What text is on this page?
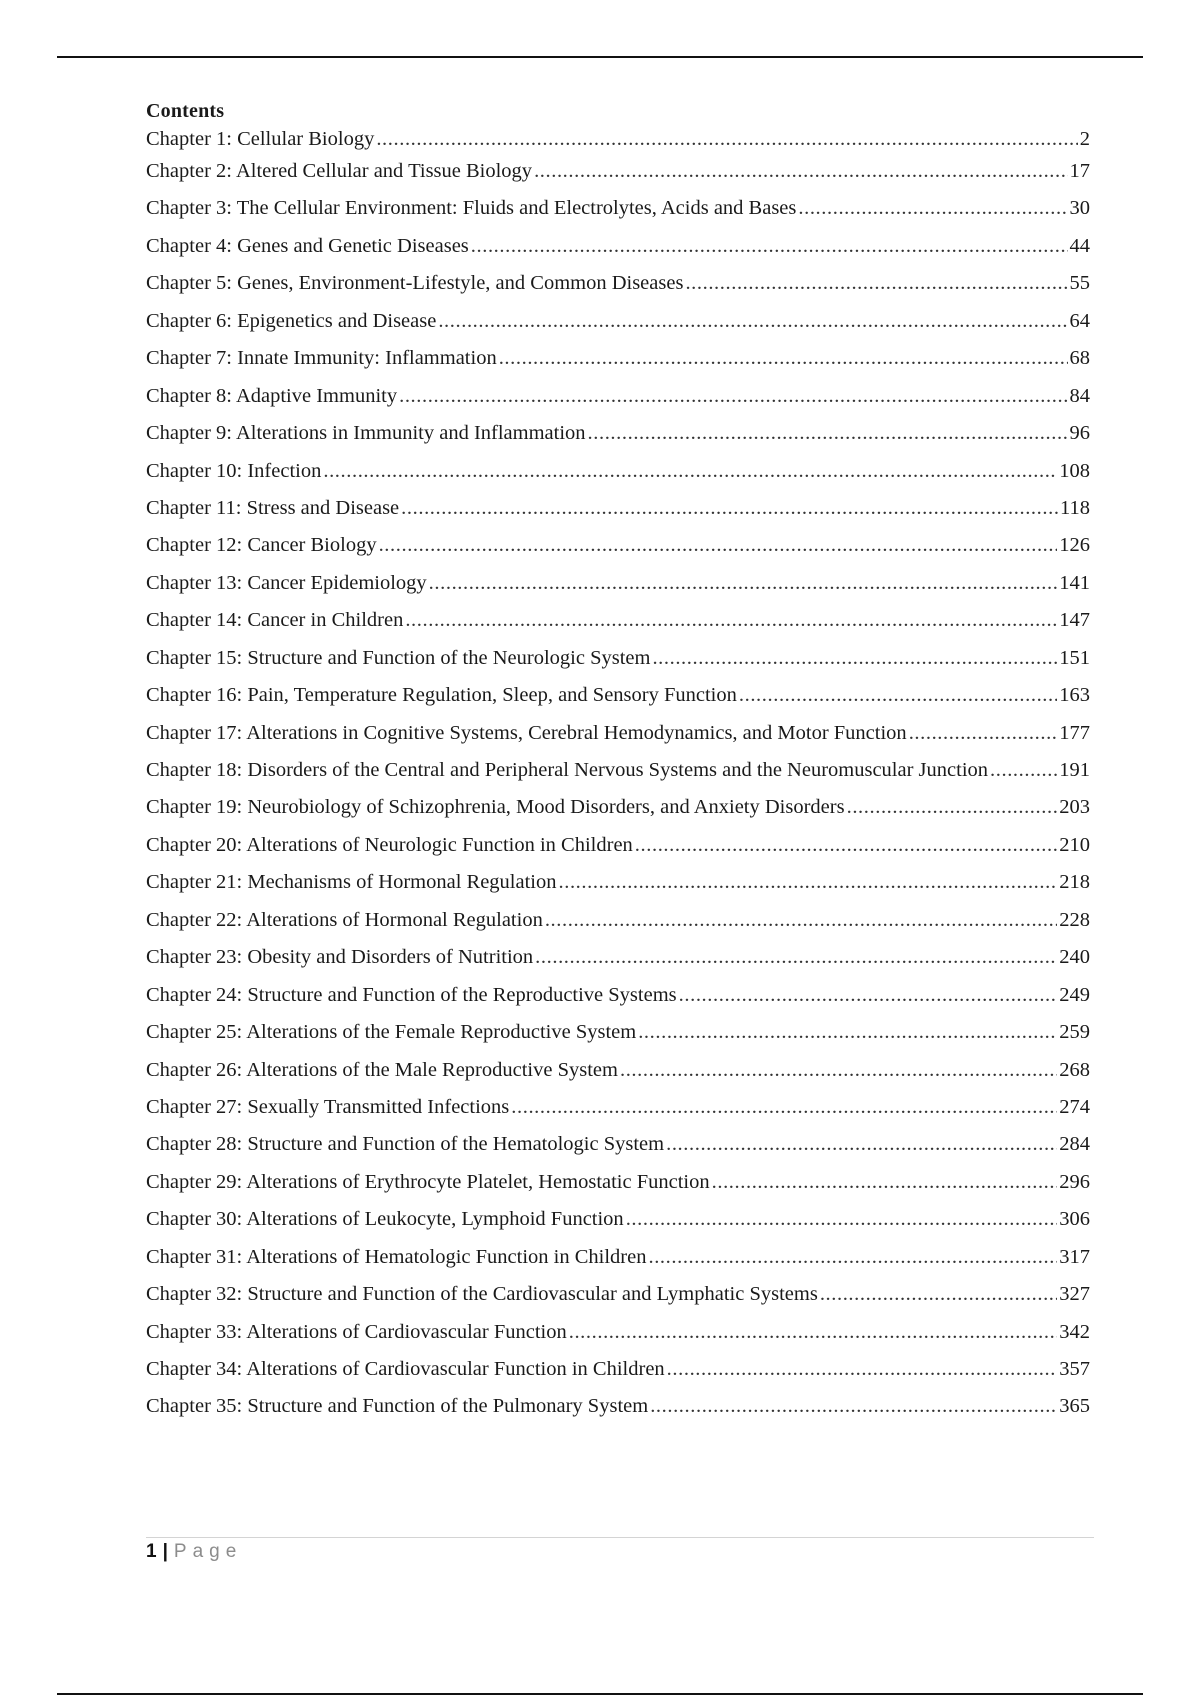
Contents
Chapter 1: Cellular Biology .....	2
Chapter 2: Altered Cellular and Tissue Biology .....	17
Chapter 3: The Cellular Environment: Fluids and Electrolytes, Acids and Bases .....	30
Chapter 4: Genes and Genetic Diseases .....	44
Chapter 5: Genes, Environment-Lifestyle, and Common Diseases .....	55
Chapter 6: Epigenetics and Disease .....	64
Chapter 7: Innate Immunity: Inflammation .....	68
Chapter 8: Adaptive Immunity .....	84
Chapter 9: Alterations in Immunity and Inflammation .....	96
Chapter 10: Infection .....	108
Chapter 11: Stress and Disease .....	118
Chapter 12: Cancer Biology .....	126
Chapter 13: Cancer Epidemiology .....	141
Chapter 14: Cancer in Children .....	147
Chapter 15: Structure and Function of the Neurologic System .....	151
Chapter 16: Pain, Temperature Regulation, Sleep, and Sensory Function .....	163
Chapter 17: Alterations in Cognitive Systems, Cerebral Hemodynamics, and Motor Function .....	177
Chapter 18: Disorders of the Central and Peripheral Nervous Systems and the Neuromuscular Junction .....	191
Chapter 19: Neurobiology of Schizophrenia, Mood Disorders, and Anxiety Disorders .....	203
Chapter 20: Alterations of Neurologic Function in Children .....	210
Chapter 21: Mechanisms of Hormonal Regulation .....	218
Chapter 22: Alterations of Hormonal Regulation .....	228
Chapter 23: Obesity and Disorders of Nutrition .....	240
Chapter 24: Structure and Function of the Reproductive Systems .....	249
Chapter 25: Alterations of the Female Reproductive System .....	259
Chapter 26: Alterations of the Male Reproductive System .....	268
Chapter 27: Sexually Transmitted Infections .....	274
Chapter 28: Structure and Function of the Hematologic System .....	284
Chapter 29: Alterations of Erythrocyte Platelet, Hemostatic Function .....	296
Chapter 30: Alterations of Leukocyte, Lymphoid Function .....	306
Chapter 31: Alterations of Hematologic Function in Children .....	317
Chapter 32: Structure and Function of the Cardiovascular and Lymphatic Systems .....	327
Chapter 33: Alterations of Cardiovascular Function .....	342
Chapter 34: Alterations of Cardiovascular Function in Children .....	357
Chapter 35: Structure and Function of the Pulmonary System .....	365
1 | Page
